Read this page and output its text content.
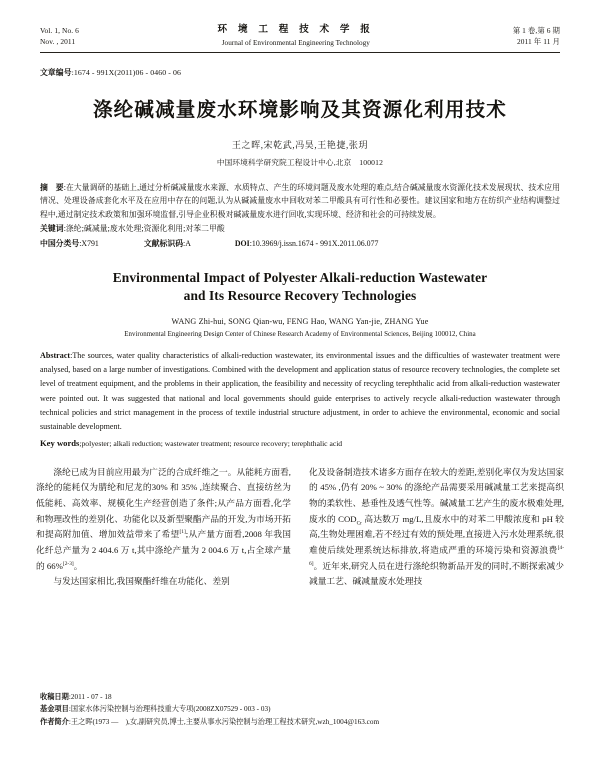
Vol. 1, No. 6
Nov. , 2011
环 境 工 程 技 术 学 报
Journal of Environmental Engineering Technology
第 1 卷,第 6 期
2011 年 11 月
文章编号:1674 - 991X(2011)06 - 0460 - 06
涤纶碱减量废水环境影响及其资源化利用技术
王之晖,宋乾武,冯昊,王艳捷,张玥
中国环境科学研究院工程设计中心,北京　100012
摘　要:在大量调研的基础上,通过分析碱减量废水来源、水质特点、产生的环境问题及废水处理的难点,结合碱减量废水资源化技术发展现状、技术应用情况、处理设备成套化水平及在应用中存在的问题,认为从碱减量废水中回收对苯二甲酸具有可行性和必要性。建议国家和地方在纺织产业结构调整过程中,通过制定技术政策和加强环境监督,引导企业积极对碱减量废水进行回收,实现环境、经济和社会的可持续发展。
关键词:涤纶;碱减量;废水处理;资源化利用;对苯二甲酸
中国分类号:X791	文献标识码:A	DOI:10.3969/j.issn.1674 - 991X.2011.06.077
Environmental Impact of Polyester Alkali-reduction Wastewater
and Its Resource Recovery Technologies
WANG Zhi-hui, SONG Qian-wu, FENG Hao, WANG Yan-jie, ZHANG Yue
Environmental Engineering Design Center of Chinese Research Academy of Environmental Sciences, Beijing 100012, China
Abstract:The sources, water quality characteristics of alkali-reduction wastewater, its environmental issues and the difficulties of wastewater treatment were analysed, based on a large number of investigations. Combined with the development and application status of resource recovery technologies, the complete set level of treatment equipment, and the problems in their application, the feasibility and necessity of recycling terephthalic acid from alkali-reduction wastewater were pointed out. It was suggested that national and local governments should guide enterprises to actively recycle alkali-reduction wastewater through technical policies and strict management in the process of textile industrial structure adjustment, in order to achieve the environmental, economic and social sustainable development.
Key words;polyester; alkali reduction; wastewater treatment; resource recovery; terephthalic acid

涤纶已成为目前应用最为广泛的合成纤维之一。从能耗方面看,涤纶的能耗仅为腈纶和尼龙的30% 和 35% ,连续聚合、直接纺丝为低能耗、高效率、规模化生产经营创造了条件;从产品方面看,化学和物理改性的差别化、功能化以及新型聚酯产品的开发,为市场开拓和提高附加值、增加效益带来了希望[1];从产量方面看,2008 年我国化纤总产量为 2 404.6 万 t,其中涤纶产量为 2 004.6 万 t,占全球产量的 66%[2-3]。

与发达国家相比,我国聚酯纤维在功能化、差别

化及设备制造技术诸多方面存在较大的差距,差别化率仅为发达国家的 45% ,仍有 20% ~ 30% 的涤纶产品需要采用碱减量工艺来提高织物的柔软性、悬垂性及透气性等。碱减量工艺产生的废水极难处理,废水的 $COD_{Cr}$ 高达数万 mg/L,且废水中的对苯二甲酸浓度和 pH 较高,生物处理困难,若不经过有效的预处理,直接进入污水处理系统,很难使后续处理系统达标排放,将造成严重的环境污染和资源浪费[4-6]。近年来,研究人员在进行涤纶织物新品开发的同时,不断探索减少减量工艺、碱减量废水处理技

收稿日期:2011 - 07 - 18
基金项目:国家水体污染控制与治理科技重大专项(2008ZX07529 - 003 - 03)
作者简介:王之晖(1973 —　),女,副研究员,博士,主要从事水污染控制与治理工程技术研究,wzh_1004@163.com
